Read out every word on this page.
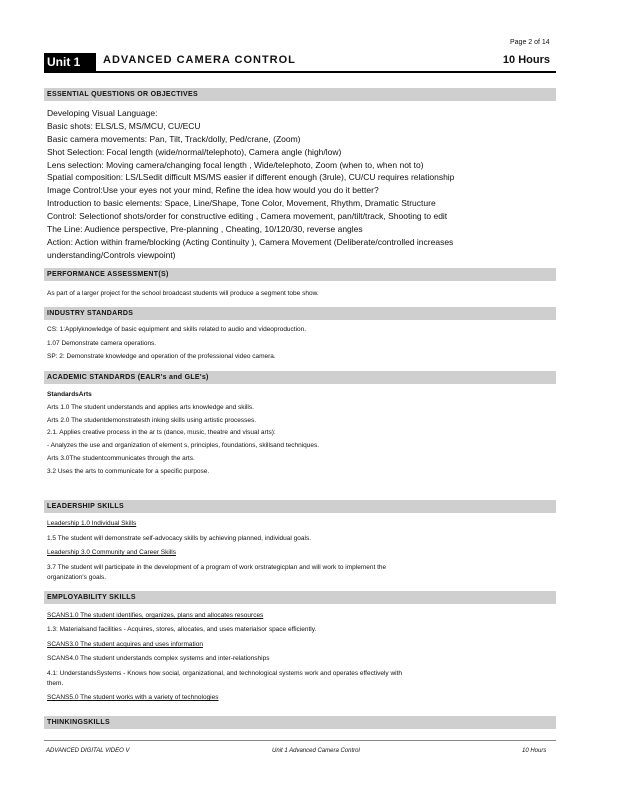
Page 2 of 14
Unit 1	ADVANCED CAMERA CONTROL	10 Hours
ESSENTIAL QUESTIONS OR OBJECTIVES
Developing Visual Language:
Basic shots: ELS/LS, MS/MCU, CU/ECU
Basic camera movements: Pan, Tilt, Track/dolly, Ped/crane, (Zoom)
Shot Selection: Focal length (wide/normal/telephoto), Camera angle (high/low)
Lens selection: Moving camera/changing focal length , Wide/telephoto, Zoom (when to, when not to)
Spatial composition: LS/LSedit difficult MS/MS easier if different enough (3rule), CU/CU requires relationship
Image Control:Use your eyes not your mind, Refine the idea how would you do it better?
Introduction to basic elements: Space, Line/Shape, Tone Color, Movement, Rhythm, Dramatic Structure
Control: Selectionof shots/order for constructive editing , Camera movement, pan/tilt/track, Shooting to edit
The Line: Audience perspective, Pre-planning , Cheating, 10/120/30, reverse angles
Action: Action within frame/blocking (Acting Continuity ), Camera Movement (Deliberate/controlled increases
understanding/Controls viewpoint)
PERFORMANCE ASSESSMENT(S)
As part of a larger project for the school broadcast students will produce a segment tobe show.
INDUSTRY STANDARDS
CS: 1:Applyknowledge of basic equipment and skills related to audio and videoproduction.
1.07 Demonstrate camera operations.
SP: 2: Demonstrate knowledge and operation of the professional video camera.
ACADEMIC STANDARDS (EALR's and GLE's)
StandardsArts
Arts 1.0 The student understands and applies arts knowledge and skills.
Arts 2.0 The studentdemonstratesth inking skills using artistic processes.
2.1. Applies creative process in the ar ts (dance, music, theatre and visual arts):
- Analyzes the use and organization of element s, principles, foundations, skillsand techniques.
Arts 3.0The studentcommunicates through the arts.
3.2 Uses the arts to communicate for a specific purpose.
LEADERSHIP SKILLS
Leadership 1.0 Individual Skills
1.5 The student will demonstrate self-advocacy skills by achieving planned, individual goals.
Leadership 3.0 Community and Career Skills
3.7 The student will participate in the development of a program of work orstrategicplan and will work to implement the
organization's goals.
EMPLOYABILITY SKILLS
SCANS1.0 The student identifies, organizes, plans and allocates resources
1.3: Materialsand facilities - Acquires, stores, allocates, and uses materialsor space efficiently.
SCANS3.0 The student acquires and uses information
SCANS4.0 The student understands complex systems and inter-relationships
4.1: UnderstandsSystems - Knows how social, organizational, and technological systems work and operates effectively with
them.
SCANS5.0 The student works with a variety of technologies
THINKINGSKILLS
ADVANCED DIGITAL VIDEO V	Unit 1 Advanced Camera Control	10 Hours
